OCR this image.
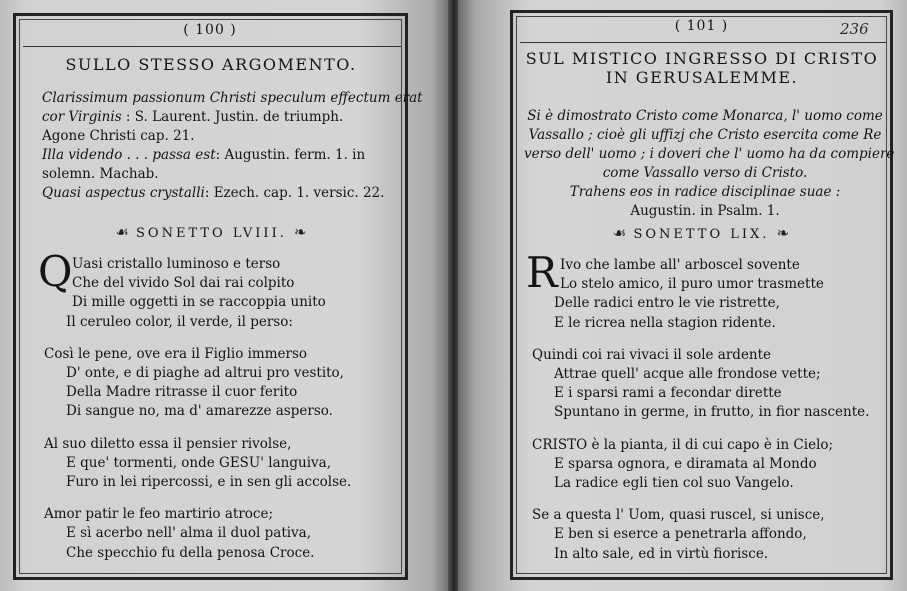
( 100 )
SULLO STESSO ARGOMENTO.
Clarissimum passionum Christi speculum effectum erat
cor Virginis : S. Laurent. Justin. de triumph.
Agone Christi cap. 21.
Illa videndo . . . passa est: Augustin. ferm. 1. in
solemn. Machab.
Quasi aspectus crystalli: Ezech. cap. 1. versic. 22.
☙ SONETTO LVIII. ❧
Q Uasi cristallo luminoso e terso
Che del vivido Sol dai rai colpito
Di mille oggetti in se raccoppia unito
Il ceruleo color, il verde, il perso:
Così le pene, ove era il Figlio immerso
D' onte, e di piaghe ad altrui pro vestito,
Della Madre ritrasse il cuor ferito
Di sangue no, ma d' amarezze asperso.
Al suo diletto essa il pensier rivolse,
E que' tormenti, onde GESU' languiva,
Furo in lei ripercossi, e in sen gli accolse.
Amor patir le feo martirio atroce;
E sì acerbo nell' alma il duol pativa,
Che specchio fu della penosa Croce.
( 101 )	236
SUL MISTICO INGRESSO DI CRISTO
IN GERUSALEMME.
Si è dimostrato Cristo come Monarca, l' uomo come
Vassallo ; cioè gli uffizj che Cristo esercita come Re
verso dell' uomo ; i doveri che l' uomo ha da compiere
come Vassallo verso di Cristo.
Trahens eos in radice disciplinae suae :
Augustin. in Psalm. 1.
☙ SONETTO LIX. ❧
R Ivo che lambe all' arboscel sovente
Lo stelo amico, il puro umor trasmette
Delle radici entro le vie ristrette,
E le ricrea nella stagion ridente.
Quindi coi rai vivaci il sole ardente
Attrae quell' acque alle frondose vette;
E i sparsi rami a fecondar dirette
Spuntano in germe, in frutto, in fior nascente.
CRISTO è la pianta, il di cui capo è in Cielo;
E sparsa ognora, e diramata al Mondo
La radice egli tien col suo Vangelo.
Se a questa l' Uom, quasi ruscel, si unisce,
E ben si eserce a penetrarla affondo,
In alto sale, ed in virtù fiorisce.
